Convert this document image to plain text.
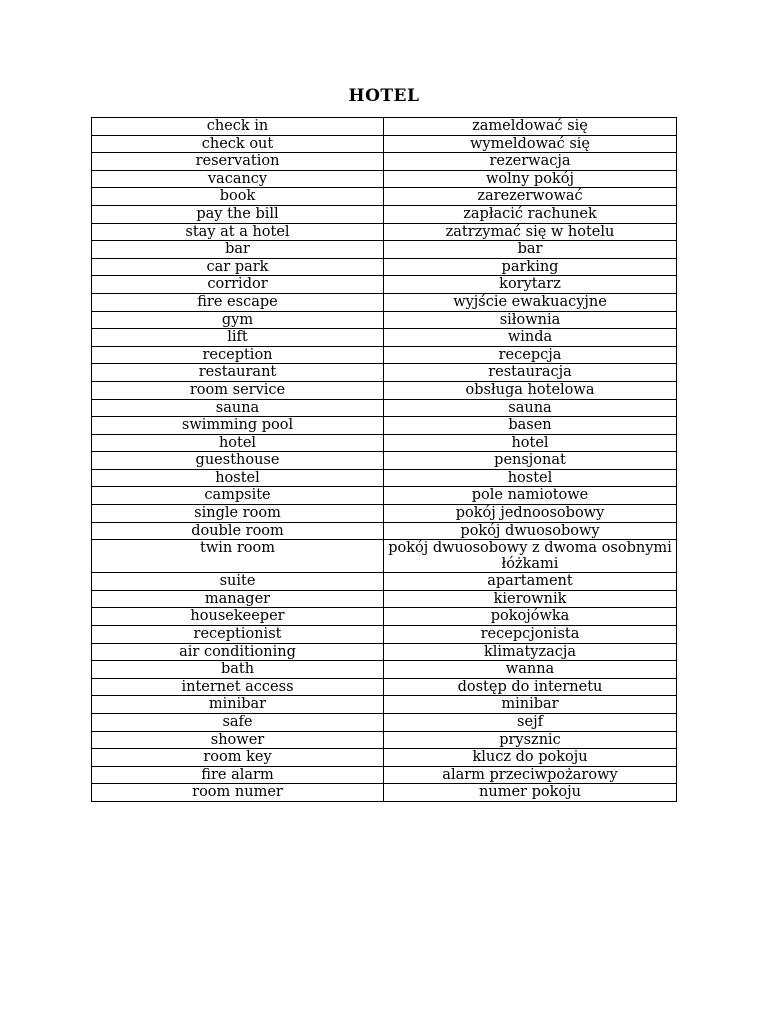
HOTEL
check in	zameldować się
check out	wymeldować się
reservation	rezerwacja
vacancy	wolny pokój
book	zarezerwować
pay the bill	zapłacić rachunek
stay at a hotel	zatrzymać się w hotelu
bar	bar
car park	parking
corridor	korytarz
fire escape	wyjście ewakuacyjne
gym	siłownia
lift	winda
reception	recepcja
restaurant	restauracja
room service	obsługa hotelowa
sauna	sauna
swimming pool	basen
hotel	hotel
guesthouse	pensjonat
hostel	hostel
campsite	pole namiotowe
single room	pokój jednoosobowy
double room	pokój dwuosobowy
twin room	pokój dwuosobowy z dwoma osobnymi łóżkami
suite	apartament
manager	kierownik
housekeeper	pokojówka
receptionist	recepcjonista
air conditioning	klimatyzacja
bath	wanna
internet access	dostęp do internetu
minibar	minibar
safe	sejf
shower	prysznic
room key	klucz do pokoju
fire alarm	alarm przeciwpożarowy
room numer	numer pokoju
